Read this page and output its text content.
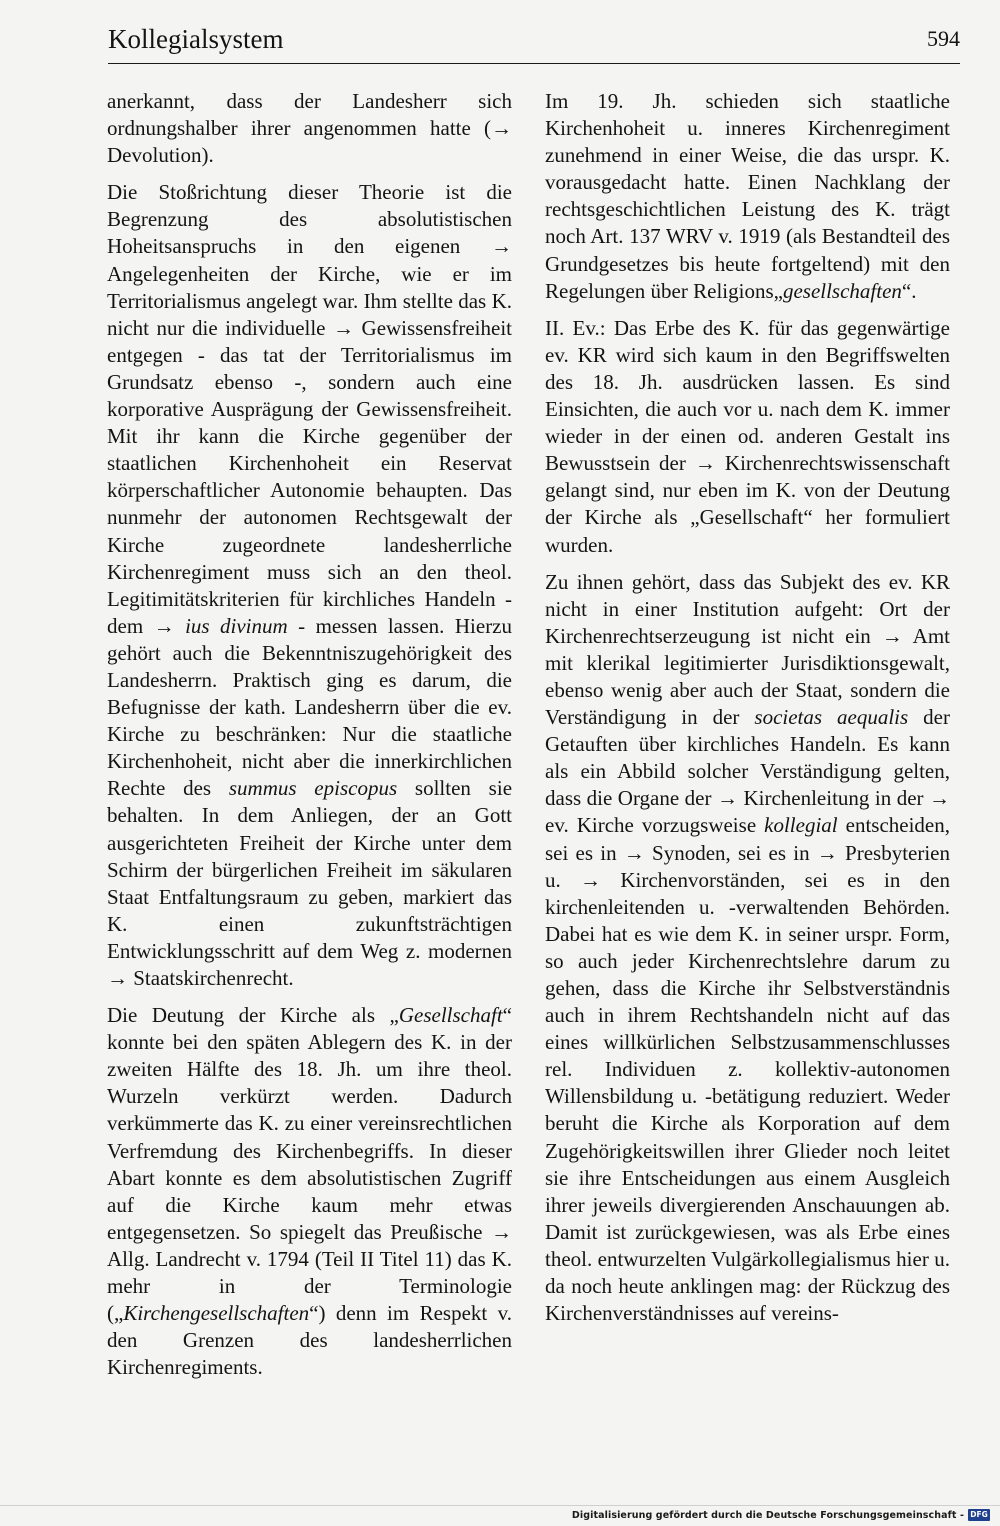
Kollegialsystem	594

anerkannt, dass der Landesherr sich ordnungshalber ihrer angenommen hatte (→ Devolution).

Die Stoßrichtung dieser Theorie ist die Begrenzung des absolutistischen Hoheitsanspruchs in den eigenen → Angelegenheiten der Kirche, wie er im Territorialismus angelegt war. Ihm stellte das K. nicht nur die individuelle → Gewissensfreiheit entgegen - das tat der Territorialismus im Grundsatz ebenso -, sondern auch eine korporative Ausprägung der Gewissensfreiheit. Mit ihr kann die Kirche gegenüber der staatlichen Kirchenhoheit ein Reservat körperschaftlicher Autonomie behaupten. Das nunmehr der autonomen Rechtsgewalt der Kirche zugeordnete landesherrliche Kirchenregiment muss sich an den theol. Legitimitätskriterien für kirchliches Handeln - dem → ius divinum - messen lassen. Hierzu gehört auch die Bekenntniszugehörigkeit des Landesherrn. Praktisch ging es darum, die Befugnisse der kath. Landesherrn über die ev. Kirche zu beschränken: Nur die staatliche Kirchenhoheit, nicht aber die innerkirchlichen Rechte des summus episcopus sollten sie behalten. In dem Anliegen, der an Gott ausgerichteten Freiheit der Kirche unter dem Schirm der bürgerlichen Freiheit im säkularen Staat Entfaltungsraum zu geben, markiert das K. einen zukunftsträchtigen Entwicklungsschritt auf dem Weg z. modernen → Staatskirchenrecht.

Die Deutung der Kirche als „Gesellschaft“ konnte bei den späten Ablegern des K. in der zweiten Hälfte des 18. Jh. um ihre theol. Wurzeln verkürzt werden. Dadurch verkümmerte das K. zu einer vereinsrechtlichen Verfremdung des Kirchenbegriffs. In dieser Abart konnte es dem absolutistischen Zugriff auf die Kirche kaum mehr etwas entgegensetzen. So spiegelt das Preußische → Allg. Landrecht v. 1794 (Teil II Titel 11) das K. mehr in der Terminologie („Kirchengesellschaften“) denn im Respekt v. den Grenzen des landesherrlichen Kirchenregiments.

Im 19. Jh. schieden sich staatliche Kirchenhoheit u. inneres Kirchenregiment zunehmend in einer Weise, die das urspr. K. vorausgedacht hatte. Einen Nachklang der rechtsgeschichtlichen Leistung des K. trägt noch Art. 137 WRV v. 1919 (als Bestandteil des Grundgesetzes bis heute fortgeltend) mit den Regelungen über Religions„gesellschaften“.

II. Ev.: Das Erbe des K. für das gegenwärtige ev. KR wird sich kaum in den Begriffswelten des 18. Jh. ausdrücken lassen. Es sind Einsichten, die auch vor u. nach dem K. immer wieder in der einen od. anderen Gestalt ins Bewusstsein der → Kirchenrechtswissenschaft gelangt sind, nur eben im K. von der Deutung der Kirche als „Gesellschaft“ her formuliert wurden.

Zu ihnen gehört, dass das Subjekt des ev. KR nicht in einer Institution aufgeht: Ort der Kirchenrechtserzeugung ist nicht ein → Amt mit klerikal legitimierter Jurisdiktionsgewalt, ebenso wenig aber auch der Staat, sondern die Verständigung in der societas aequalis der Getauften über kirchliches Handeln. Es kann als ein Abbild solcher Verständigung gelten, dass die Organe der → Kirchenleitung in der → ev. Kirche vorzugsweise kollegial entscheiden, sei es in → Synoden, sei es in → Presbyterien u. → Kirchenvorständen, sei es in den kirchenleitenden u. -verwaltenden Behörden. Dabei hat es wie dem K. in seiner urspr. Form, so auch jeder Kirchenrechtslehre darum zu gehen, dass die Kirche ihr Selbstverständnis auch in ihrem Rechtshandeln nicht auf das eines willkürlichen Selbstzusammenschlusses rel. Individuen z. kollektiv-autonomen Willensbildung u. -betätigung reduziert. Weder beruht die Kirche als Korporation auf dem Zugehörigkeitswillen ihrer Glieder noch leitet sie ihre Entscheidungen aus einem Ausgleich ihrer jeweils divergierenden Anschauungen ab. Damit ist zurückgewiesen, was als Erbe eines theol. entwurzelten Vulgärkollegialismus hier u. da noch heute anklingen mag: der Rückzug des Kirchenverständnisses auf vereins-

Digitalisierung gefördert durch die Deutsche Forschungsgemeinschaft - DFG
